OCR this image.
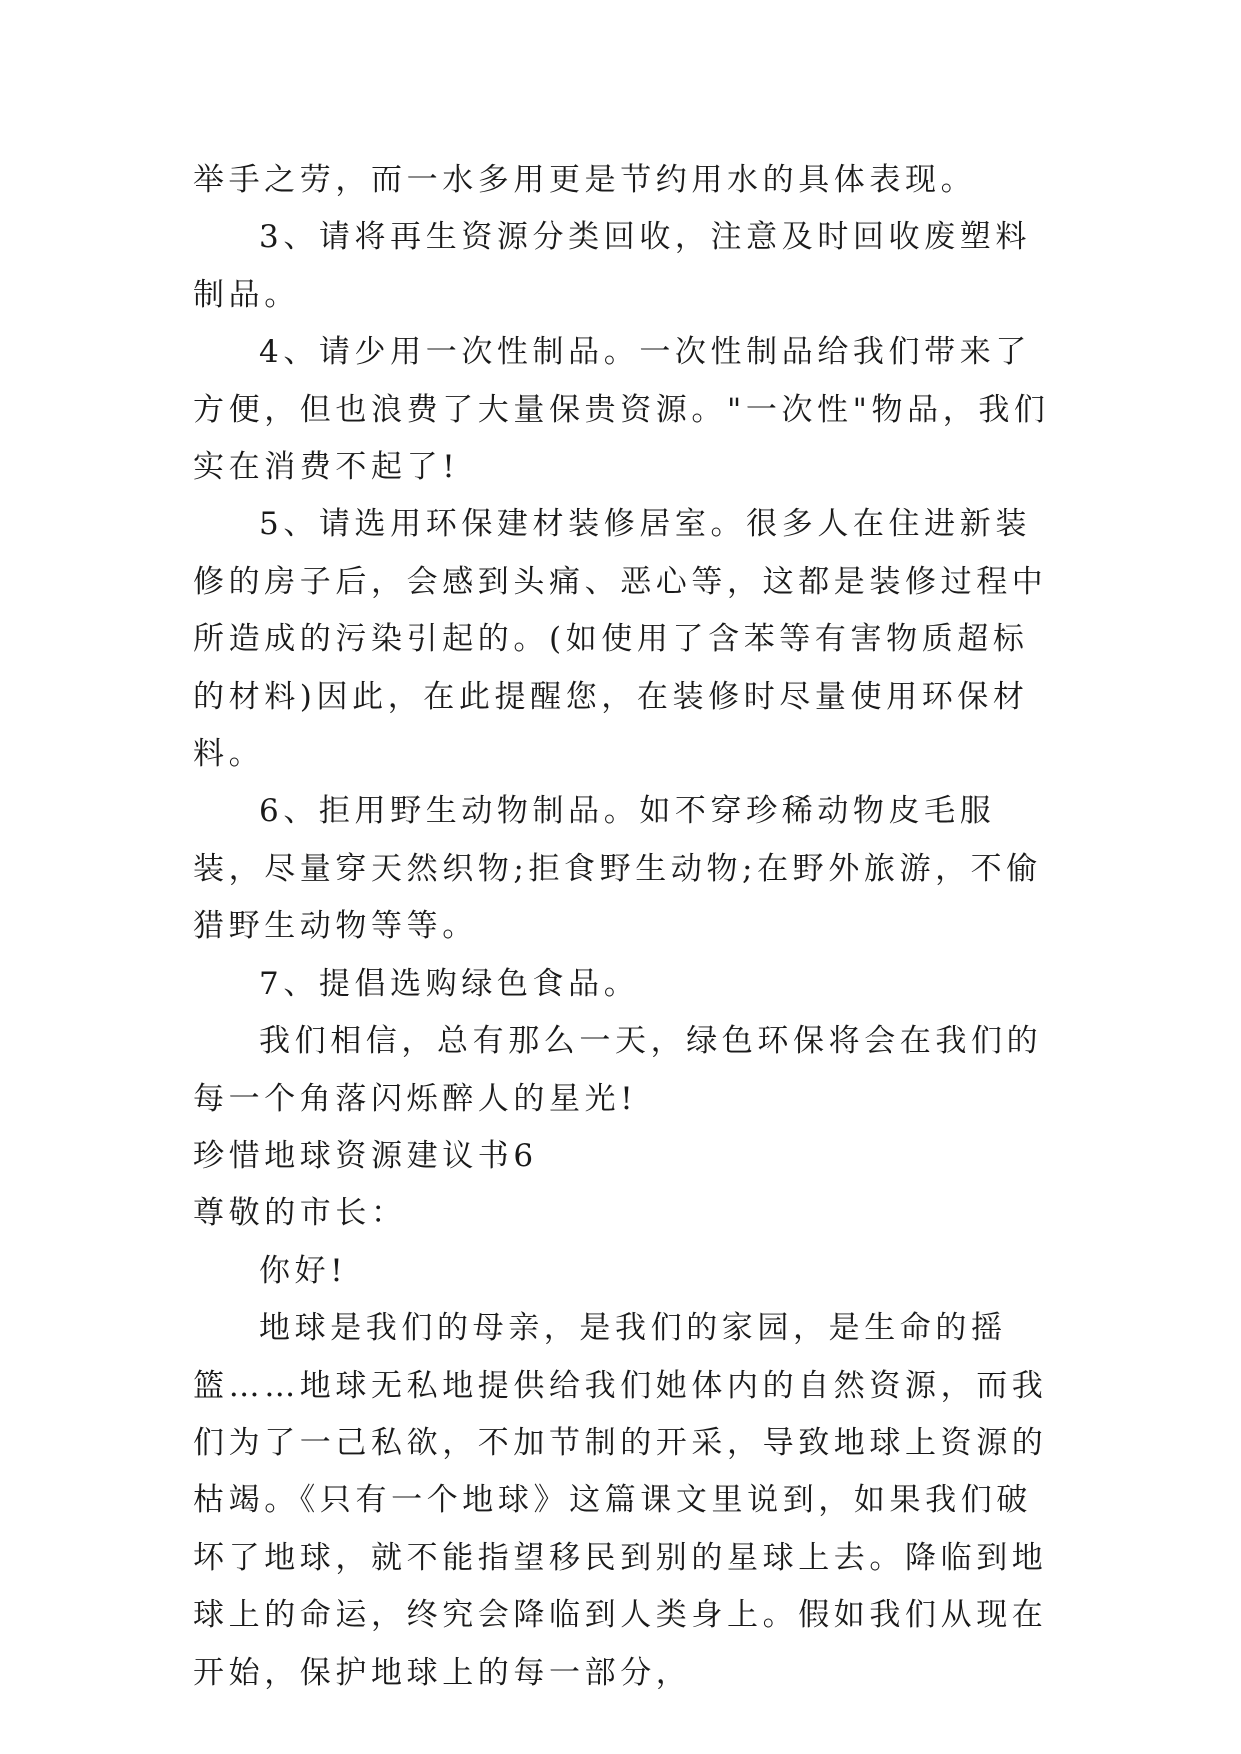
举手之劳，而一水多用更是节约用水的具体表现。

3、请将再生资源分类回收，注意及时回收废塑料制品。

4、请少用一次性制品。一次性制品给我们带来了方便，但也浪费了大量保贵资源。"一次性"物品，我们实在消费不起了!

5、请选用环保建材装修居室。很多人在住进新装修的房子后，会感到头痛、恶心等，这都是装修过程中所造成的污染引起的。(如使用了含苯等有害物质超标的材料)因此，在此提醒您，在装修时尽量使用环保材料。

6、拒用野生动物制品。如不穿珍稀动物皮毛服装，尽量穿天然织物;拒食野生动物;在野外旅游，不偷猎野生动物等等。

7、提倡选购绿色食品。

我们相信，总有那么一天，绿色环保将会在我们的每一个角落闪烁醉人的星光!

珍惜地球资源建议书6

尊敬的市长：

你好!

地球是我们的母亲，是我们的家园，是生命的摇篮……地球无私地提供给我们她体内的自然资源，而我们为了一己私欲，不加节制的开采，导致地球上资源的枯竭。《只有一个地球》这篇课文里说到，如果我们破坏了地球，就不能指望移民到别的星球上去。降临到地球上的命运，终究会降临到人类身上。假如我们从现在开始，保护地球上的每一部分，
